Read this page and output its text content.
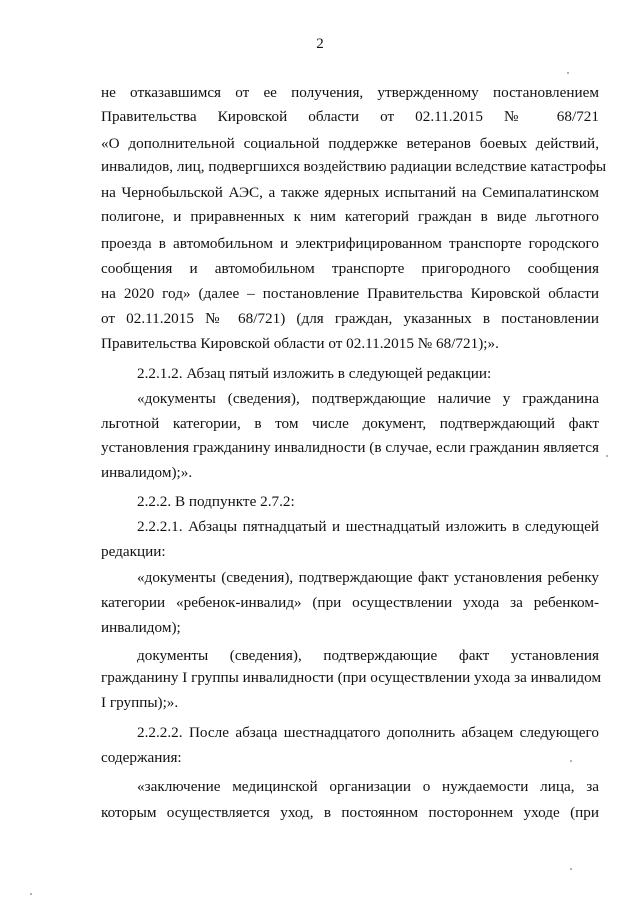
2
не отказавшимся от ее получения, утвержденному постановлением
Правительства Кировской области от 02.11.2015 № 68/721
«О дополнительной социальной поддержке ветеранов боевых действий,
инвалидов, лиц, подвергшихся воздействию радиации вследствие катастрофы
на Чернобыльской АЭС, а также ядерных испытаний на Семипалатинском
полигоне, и приравненных к ним категорий граждан в виде льготного
проезда в автомобильном и электрифицированном транспорте городского
сообщения и автомобильном транспорте пригородного сообщения
на 2020 год» (далее – постановление Правительства Кировской области
от 02.11.2015 № 68/721) (для граждан, указанных в постановлении
Правительства Кировской области от 02.11.2015 № 68/721);».
2.2.1.2. Абзац пятый изложить в следующей редакции:
«документы (сведения), подтверждающие наличие у гражданина
льготной категории, в том числе документ, подтверждающий факт
установления гражданину инвалидности (в случае, если гражданин является
инвалидом);».
2.2.2. В подпункте 2.7.2:
2.2.2.1. Абзацы пятнадцатый и шестнадцатый изложить в следующей
редакции:
«документы (сведения), подтверждающие факт установления ребенку
категории «ребенок-инвалид» (при осуществлении ухода за ребенком-
инвалидом);
документы (сведения), подтверждающие факт установления
гражданину I группы инвалидности (при осуществлении ухода за инвалидом
I группы);».
2.2.2.2. После абзаца шестнадцатого дополнить абзацем следующего
содержания:
«заключение медицинской организации о нуждаемости лица, за
которым осуществляется уход, в постоянном постороннем уходе (при
